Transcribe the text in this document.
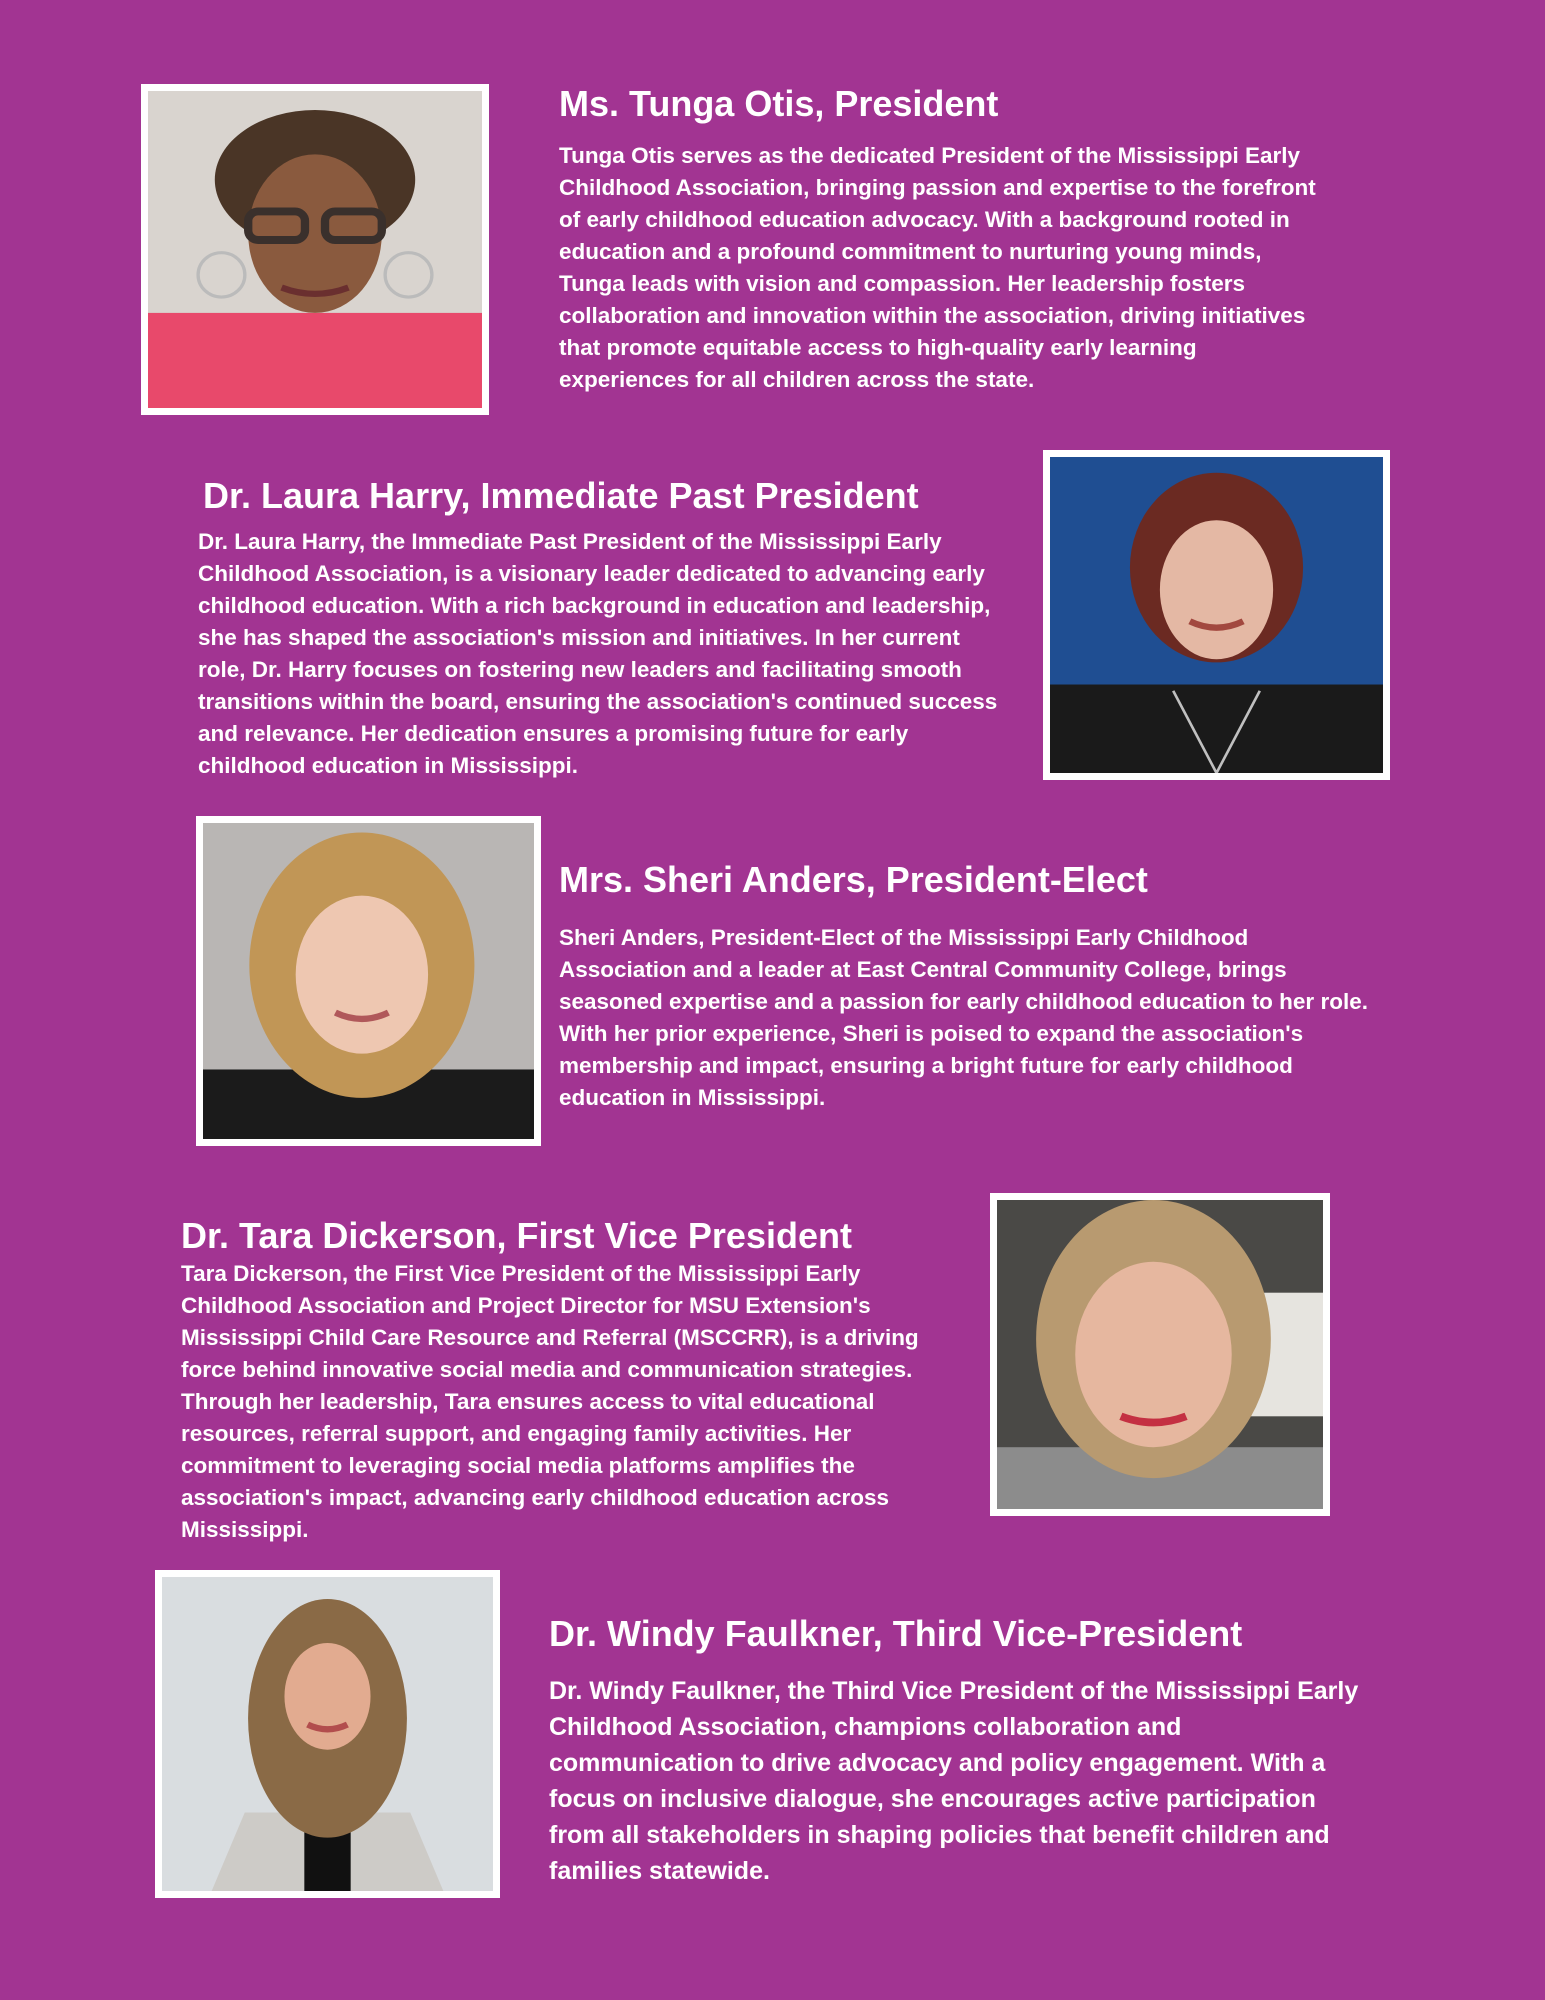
Ms. Tunga Otis, President

Tunga Otis serves as the dedicated President of the Mississippi Early Childhood Association, bringing passion and expertise to the forefront of early childhood education advocacy. With a background rooted in education and a profound commitment to nurturing young minds, Tunga leads with vision and compassion. Her leadership fosters collaboration and innovation within the association, driving initiatives that promote equitable access to high-quality early learning experiences for all children across the state.

Dr. Laura Harry, Immediate Past President

Dr. Laura Harry, the Immediate Past President of the Mississippi Early Childhood Association, is a visionary leader dedicated to advancing early childhood education. With a rich background in education and leadership, she has shaped the association's mission and initiatives. In her current role, Dr. Harry focuses on fostering new leaders and facilitating smooth transitions within the board, ensuring the association's continued success and relevance. Her dedication ensures a promising future for early childhood education in Mississippi.

Mrs. Sheri Anders, President-Elect

Sheri Anders, President-Elect of the Mississippi Early Childhood Association and a leader at East Central Community College, brings seasoned expertise and a passion for early childhood education to her role. With her prior experience, Sheri is poised to expand the association's membership and impact, ensuring a bright future for early childhood education in Mississippi.

Dr. Tara Dickerson, First Vice President

Tara Dickerson, the First Vice President of the Mississippi Early Childhood Association and Project Director for MSU Extension's Mississippi Child Care Resource and Referral (MSCCRR), is a driving force behind innovative social media and communication strategies. Through her leadership, Tara ensures access to vital educational resources, referral support, and engaging family activities. Her commitment to leveraging social media platforms amplifies the association's impact, advancing early childhood education across Mississippi.

Dr. Windy Faulkner, Third Vice-President

Dr. Windy Faulkner, the Third Vice President of the Mississippi Early Childhood Association, champions collaboration and communication to drive advocacy and policy engagement. With a focus on inclusive dialogue, she encourages active participation from all stakeholders in shaping policies that benefit children and families statewide.
